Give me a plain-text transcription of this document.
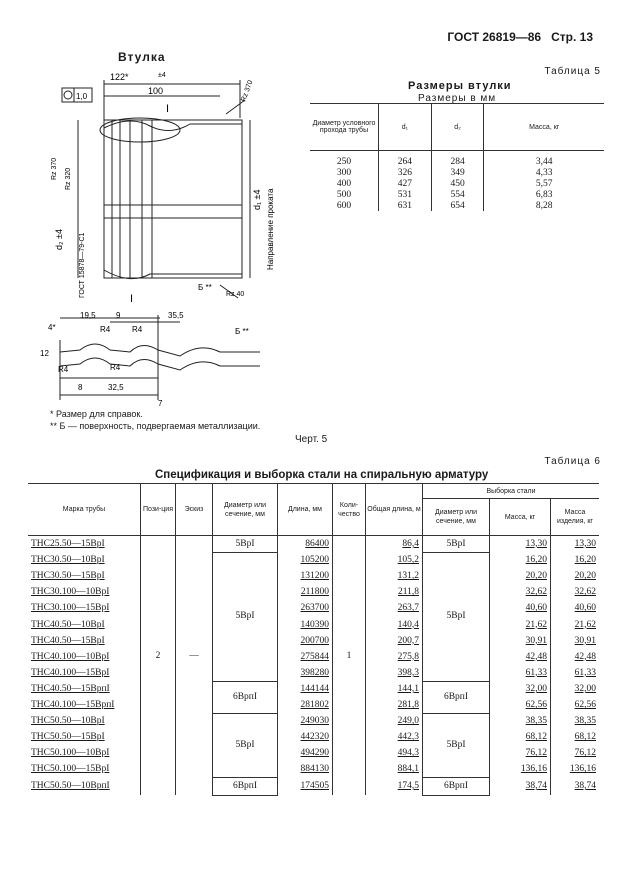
ГОСТ 26819—86 Стр. 13
Втулка
122*	±4
100
1,0	Rz 370
Rz 370 Rz 320
d₂ ±4
d₁ ±4
ГОСТ 15878—79-С1	Направление проката
Б **
Rz 40
I
I
19,5	9	35,5
R4	R4
R4	R4
4*
12
8	32,5
7
Б **
Таблица 5
Размеры втулки
Размеры в мм
Диаметр условного прохода трубы	d₁	d₂	Масса, кг
250	264	284	3,44
300	326	349	4,33
400	427	450	5,57
500	531	554	6,83
600	631	654	8,28
* Размер для справок.
** Б — поверхность, подвергаемая металлизации.
Черт. 5
Таблица 6
Спецификация и выборка стали на спиральную арматуру
Марка трубы	Пози-ция	Эскиз	Диаметр или сечение, мм	Длина, мм	Коли-чество	Общая длина, м	Выборка стали		
							Диаметр или сечение, мм	Масса, кг	Масса изделия, кг
ТНС25.50—15BpI	2	—	5BpI	86400	1	86,4	5BpI	13,30	13,30
ТНС30.50—10BpI			5BpI	105200		105,2	5BpI	16,20	16,20
ТНС30.50—15BpI				131200		131,2		20,20	20,20
ТНС30.100—10BpI				211800		211,8		32,62	32,62
ТНС30.100—15BpI				263700		263,7		40,60	40,60
ТНС40.50—10BpI				140390		140,4		21,62	21,62
ТНС40.50—15BpI				200700		200,7		30,91	30,91
ТНС40.100—10BpI				275844		275,8		42,48	42,48
ТНС40.100—15BpI				398280		398,3		61,33	61,33
ТНС40.50—15BpпI			6BpпI	144144		144,1	6BpпI	32,00	32,00
ТНС40.100—15BpпI				281802		281,8		62,56	62,56
ТНС50.50—10BpI			5BpI	249030		249,0	5BpI	38,35	38,35
ТНС50.50—15BpI				442320		442,3		68,12	68,12
ТНС50.100—10BpI				494290		494,3		76,12	76,12
ТНС50.100—15BpI				884130		884,1		136,16	136,16
ТНС50.50—10BpпI			6BpпI	174505		174,5	6BpпI	38,74	38,74
